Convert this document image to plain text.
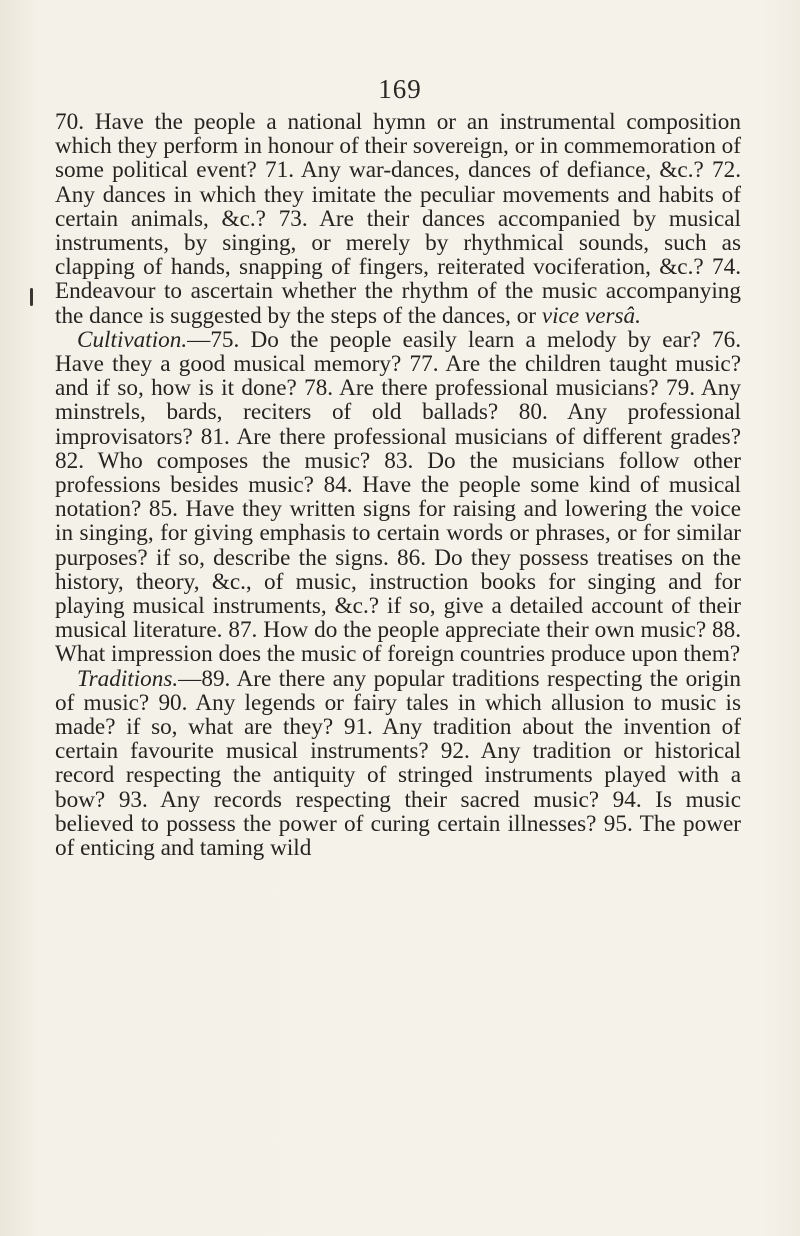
169

70. Have the people a national hymn or an instrumental composition which they perform in honour of their sovereign, or in commemoration of some political event? 71. Any war-dances, dances of defiance, &c.? 72. Any dances in which they imitate the peculiar movements and habits of certain animals, &c.? 73. Are their dances accompanied by musical instruments, by singing, or merely by rhythmical sounds, such as clapping of hands, snapping of fingers, reiterated vociferation, &c.? 74. Endeavour to ascertain whether the rhythm of the music accompanying the dance is suggested by the steps of the dances, or vice versâ.

Cultivation.—75. Do the people easily learn a melody by ear? 76. Have they a good musical memory? 77. Are the children taught music? and if so, how is it done? 78. Are there professional musicians? 79. Any minstrels, bards, reciters of old ballads? 80. Any professional improvisators? 81. Are there professional musicians of different grades? 82. Who composes the music? 83. Do the musicians follow other professions besides music? 84. Have the people some kind of musical notation? 85. Have they written signs for raising and lowering the voice in singing, for giving emphasis to certain words or phrases, or for similar purposes? if so, describe the signs. 86. Do they possess treatises on the history, theory, &c., of music, instruction books for singing and for playing musical instruments, &c.? if so, give a detailed account of their musical literature. 87. How do the people appreciate their own music? 88. What impression does the music of foreign countries produce upon them?

Traditions.—89. Are there any popular traditions respecting the origin of music? 90. Any legends or fairy tales in which allusion to music is made? if so, what are they? 91. Any tradition about the invention of certain favourite musical instruments? 92. Any tradition or historical record respecting the antiquity of stringed instruments played with a bow? 93. Any records respecting their sacred music? 94. Is music believed to possess the power of curing certain illnesses? 95. The power of enticing and taming wild
